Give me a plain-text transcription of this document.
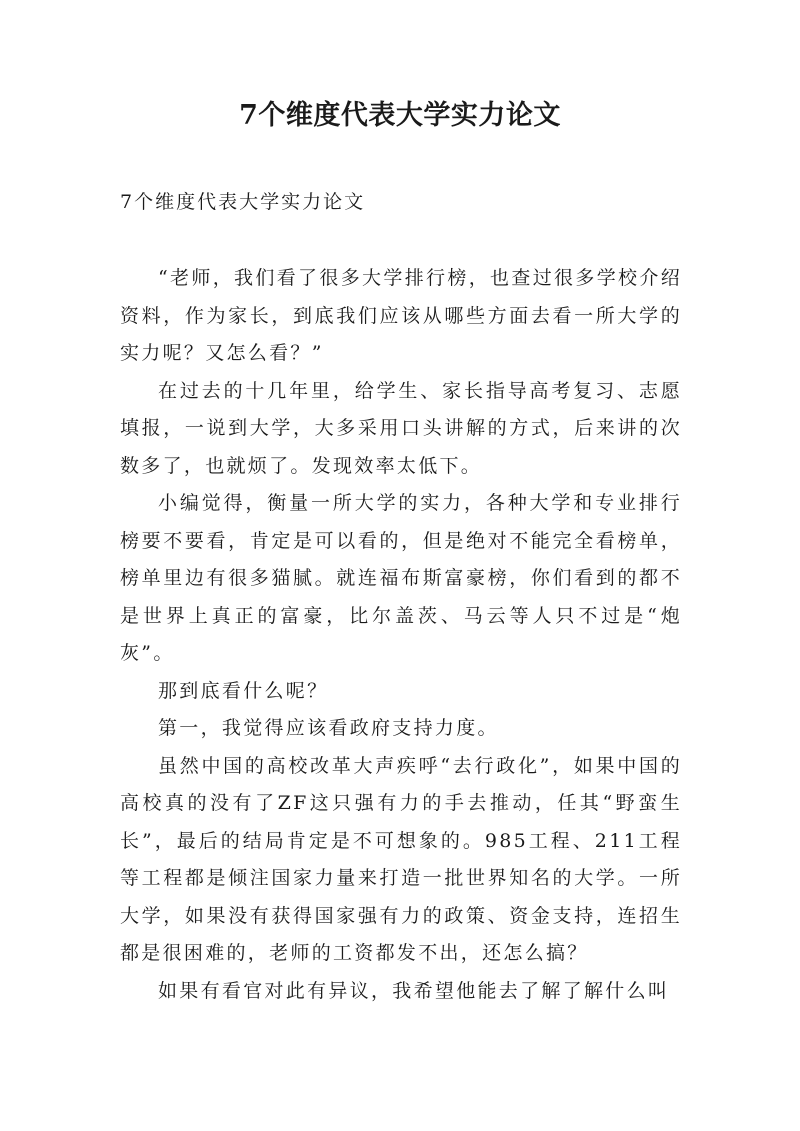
7个维度代表大学实力论文

7个维度代表大学实力论文

“老师，我们看了很多大学排行榜，也查过很多学校介绍资料，作为家长，到底我们应该从哪些方面去看一所大学的实力呢？又怎么看？”

在过去的十几年里，给学生、家长指导高考复习、志愿填报，一说到大学，大多采用口头讲解的方式，后来讲的次数多了，也就烦了。发现效率太低下。

小编觉得，衡量一所大学的实力，各种大学和专业排行榜要不要看，肯定是可以看的，但是绝对不能完全看榜单，榜单里边有很多猫腻。就连福布斯富豪榜，你们看到的都不是世界上真正的富豪，比尔盖茨、马云等人只不过是“炮灰”。

那到底看什么呢？

第一，我觉得应该看政府支持力度。

虽然中国的高校改革大声疾呼“去行政化”，如果中国的高校真的没有了ZF这只强有力的手去推动，任其“野蛮生长”，最后的结局肯定是不可想象的。985工程、211工程等工程都是倾注国家力量来打造一批世界知名的大学。一所大学，如果没有获得国家强有力的政策、资金支持，连招生都是很困难的，老师的工资都发不出，还怎么搞？

如果有看官对此有异议，我希望他能去了解了解什么叫
